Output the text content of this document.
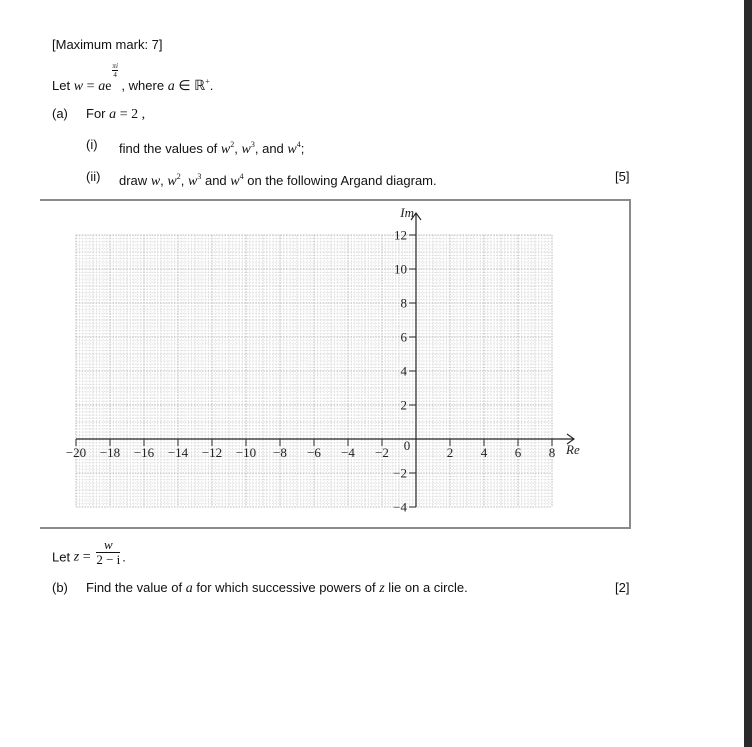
[Maximum mark: 7]
Let w = ae $\frac{\pi i}{4}$ , where a ∈ ℝ+.
(a) For a = 2 ,
(i) find the values of $w^2$, $w^3$, and $w^4$;
(ii) draw w, $w^2$, $w^3$ and $w^4$ on the following Argand diagram.	[5]
−20 −18 −16 −14 −12 −10 −8 −6 −4 −2	2 4 6 8
12
10
8
6
4
2
−2
−4
0	Re
Im
Let $z = \frac{w}{2 - i}$ .
(b) Find the value of a for which successive powers of z lie on a circle.	[2]
